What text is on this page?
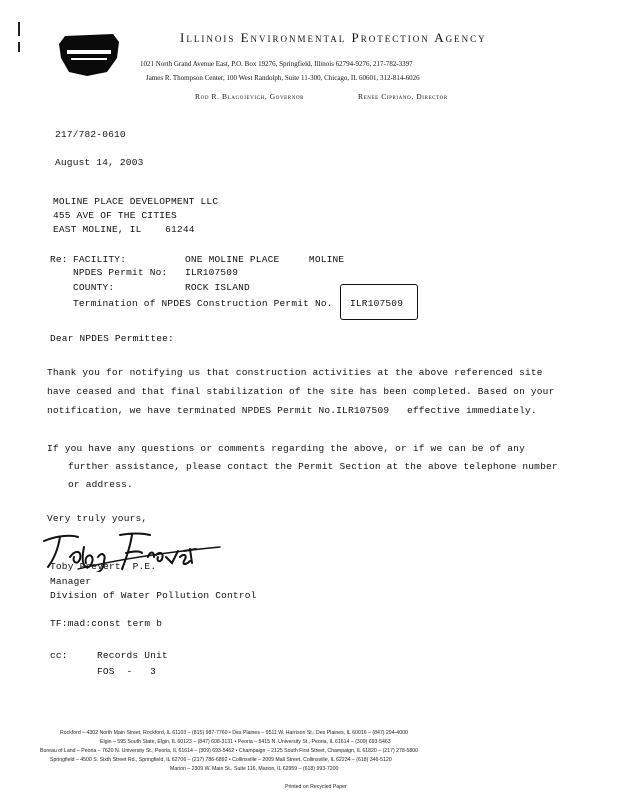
Illinois Environmental Protection Agency
1021 North Grand Avenue East, P.O. Box 19276, Springfield, Illinois 62794-9276, 217-782-3397
James R. Thompson Center, 100 West Randolph, Suite 11-300, Chicago, IL 60601, 312-814-6026
Rod R. Blagojevich, Governor	Renee Cipriano, Director
217/782-0610
August 14, 2003
MOLINE PLACE DEVELOPMENT LLC
455 AVE OF THE CITIES
EAST MOLINE, IL    61244
Re: FACILITY:	ONE MOLINE PLACE     MOLINE
NPDES Permit No: ILR107509
COUNTY:	ROCK ISLAND
Termination of NPDES Construction Permit No. ILR107509
Dear NPDES Permittee:
Thank you for notifying us that construction activities at the above referenced site
have ceased and that final stabilization of the site has been completed. Based on your
notification, we have terminated NPDES Permit No.ILR107509   effective immediately.
If you have any questions or comments regarding the above, or if we can be of any
further assistance, please contact the Permit Section at the above telephone number
or address.
Very truly yours,
Toby Frevert, P.E.
Manager
Division of Water Pollution Control
TF:mad:const term b
cc:	Records Unit
FOS  -   3
Rockford – 4302 North Main Street, Rockford, IL 61103 – (815) 987-7760 • Des Plaines – 9511 W. Harrison St., Des Plaines, IL 60016 – (847) 294-4000
Elgin – 595 South State, Elgin, IL 60123 – (847) 608-3131 • Peoria – 5415 N. University St., Peoria, IL 61614 – (309) 693-5463
Bureau of Land – Peoria – 7620 N. University St., Peoria, IL 61614 – (309) 693-5462 • Champaign – 2125 South First Street, Champaign, IL 61820 – (217) 278-5800
Springfield – 4500 S. Sixth Street Rd., Springfield, IL 62706 – (217) 786-6892 • Collinsville – 2009 Mall Street, Collinsville, IL 62234 – (618) 346-5120
Marion – 2309 W. Main St., Suite 116, Marion, IL 62959 – (618) 993-7200
Printed on Recycled Paper
